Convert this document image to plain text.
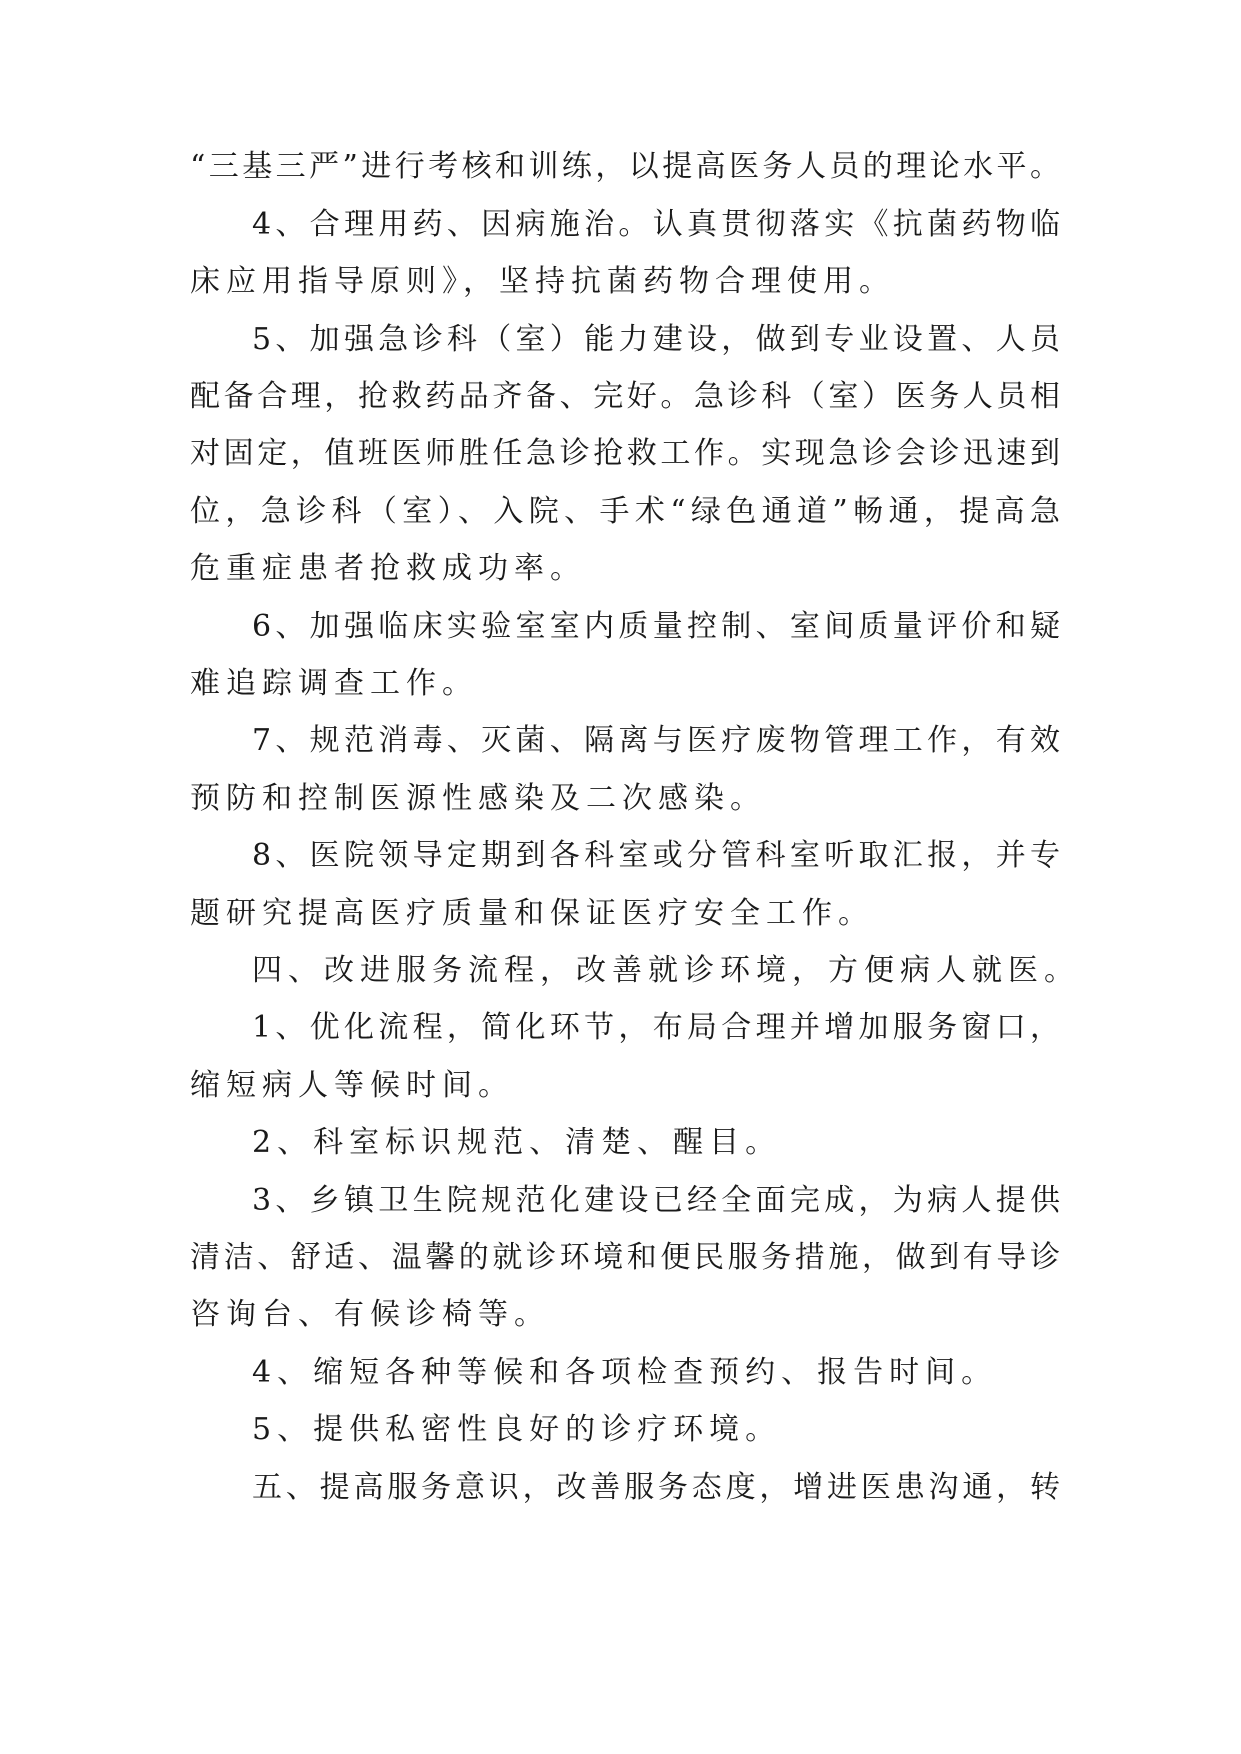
“三基三严”进行考核和训练，以提高医务人员的理论水平。
4、合理用药、因病施治。认真贯彻落实《抗菌药物临
床应用指导原则》，坚持抗菌药物合理使用。
5、加强急诊科（室）能力建设，做到专业设置、人员
配备合理，抢救药品齐备、完好。急诊科（室）医务人员相
对固定，值班医师胜任急诊抢救工作。实现急诊会诊迅速到
位，急诊科（室）、入院、手术“绿色通道”畅通，提高急
危重症患者抢救成功率。
6、加强临床实验室室内质量控制、室间质量评价和疑
难追踪调查工作。
7、规范消毒、灭菌、隔离与医疗废物管理工作，有效
预防和控制医源性感染及二次感染。
8、医院领导定期到各科室或分管科室听取汇报，并专
题研究提高医疗质量和保证医疗安全工作。
四、改进服务流程，改善就诊环境，方便病人就医。
1、优化流程，简化环节，布局合理并增加服务窗口，
缩短病人等候时间。
2、科室标识规范、清楚、醒目。
3、乡镇卫生院规范化建设已经全面完成，为病人提供
清洁、舒适、温馨的就诊环境和便民服务措施，做到有导诊
咨询台、有候诊椅等。
4、缩短各种等候和各项检查预约、报告时间。
5、提供私密性良好的诊疗环境。
五、提高服务意识，改善服务态度，增进医患沟通，转
